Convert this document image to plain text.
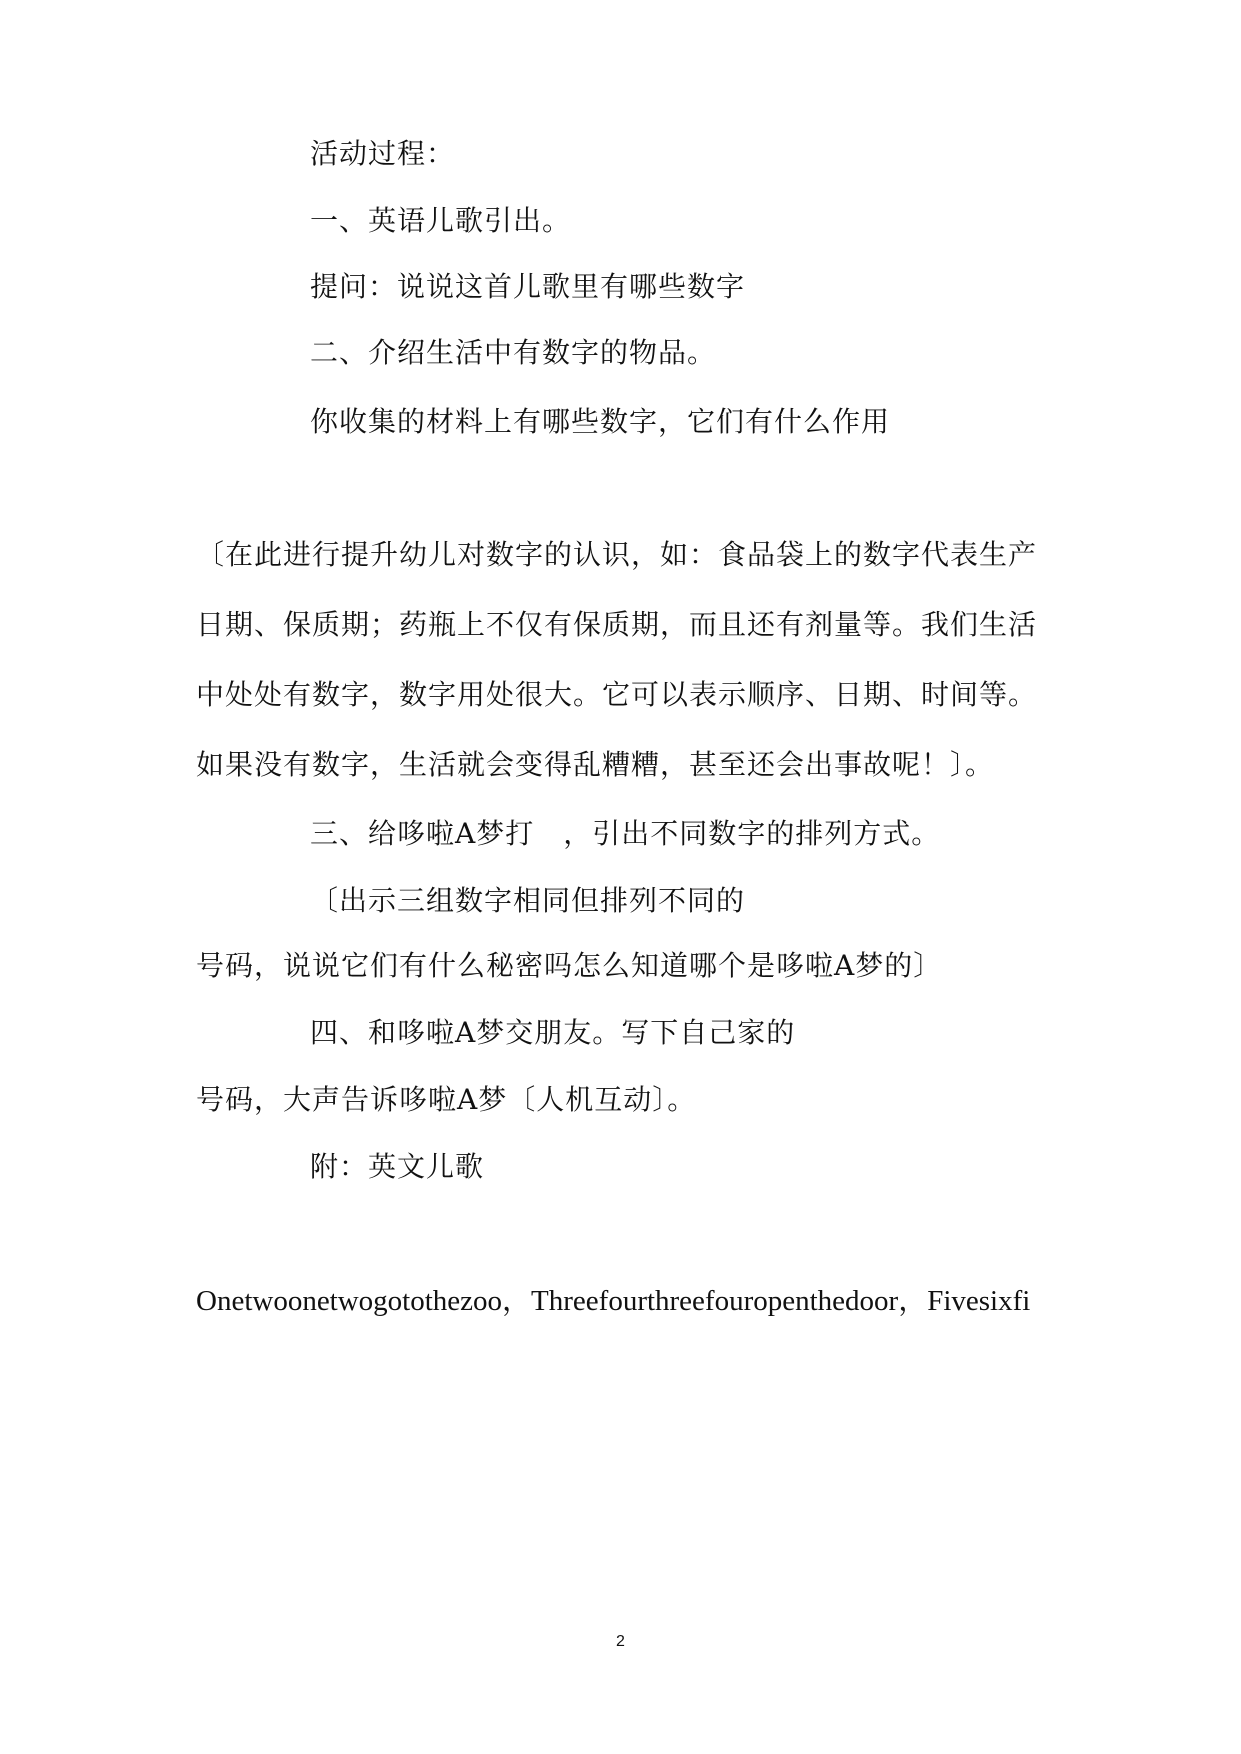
活动过程：
一、英语儿歌引出。
提问：说说这首儿歌里有哪些数字
二、介绍生活中有数字的物品。
你收集的材料上有哪些数字，它们有什么作用
〔在此进行提升幼儿对数字的认识，如：食品袋上的数字代表生产
日期、保质期；药瓶上不仅有保质期，而且还有剂量等。我们生活
中处处有数字，数字用处很大。它可以表示顺序、日期、时间等。
如果没有数字，生活就会变得乱糟糟，甚至还会出事故呢！〕。
三、给哆啦A梦打　，引出不同数字的排列方式。
〔出示三组数字相同但排列不同的
号码，说说它们有什么秘密吗怎么知道哪个是哆啦A梦的〕
四、和哆啦A梦交朋友。写下自己家的
号码，大声告诉哆啦A梦〔人机互动〕。
附：英文儿歌
Onetwoonetwogotothezoo，Threefourthreefouropenthedoor，Fivesixfi
2
